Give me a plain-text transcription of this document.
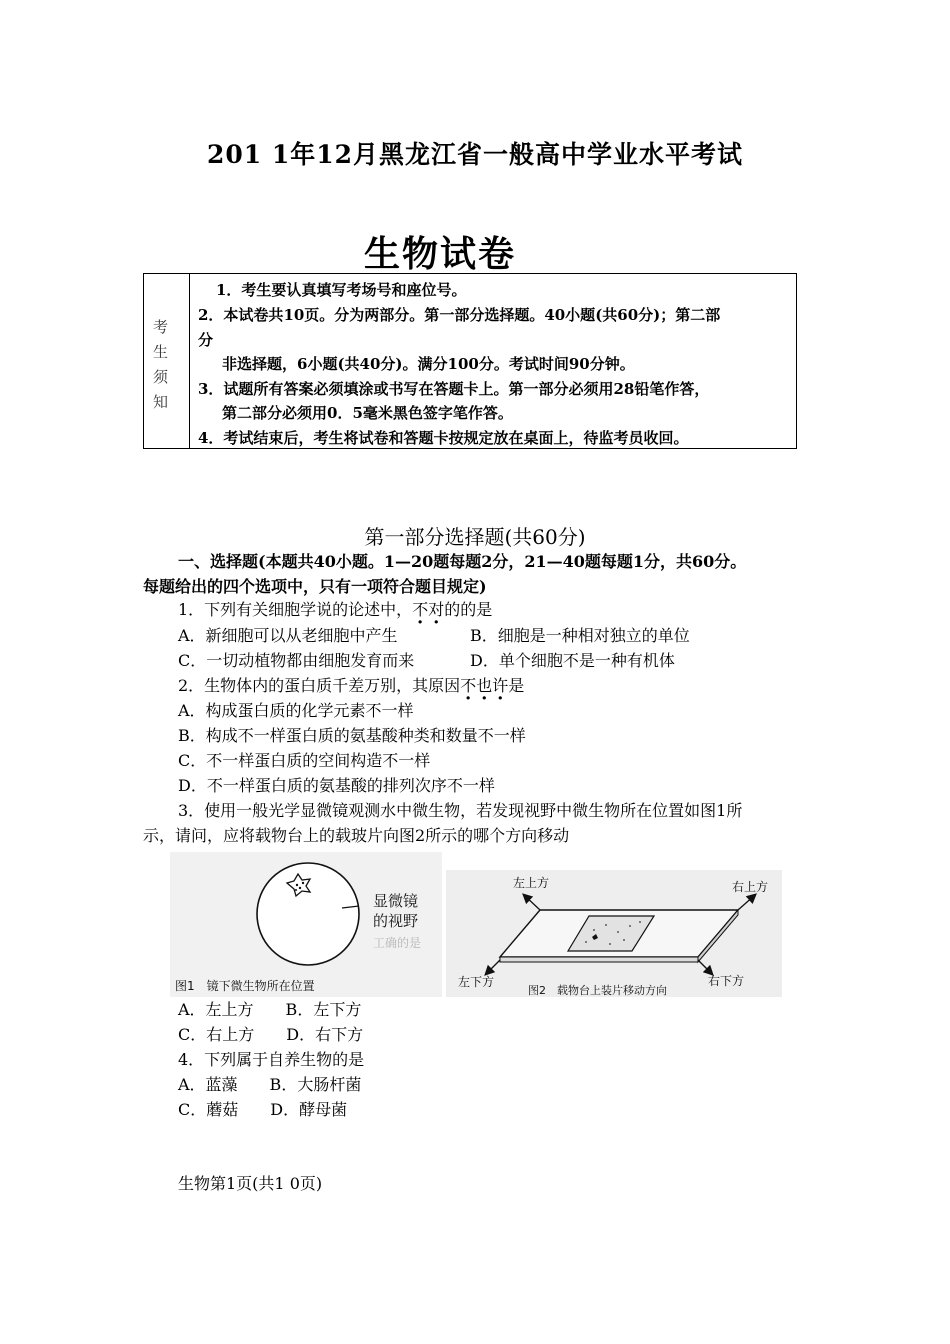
201 1年12月黑龙江省一般高中学业水平考试
生物试卷
考
生
须
知
1．考生要认真填写考场号和座位号。
2．本试卷共10页。分为两部分。第一部分选择题。40小题(共60分)；第二部
分
非选择题，6小题(共40分)。满分100分。考试时间90分钟。
3．试题所有答案必须填涂或书写在答题卡上。第一部分必须用28铅笔作答，
第二部分必须用0．5毫米黑色签字笔作答。
4．考试结束后，考生将试卷和答题卡按规定放在桌面上，待监考员收回。
第一部分选择题(共60分)
一、选择题(本题共40小题。1—20题每题2分，21—40题每题1分，共60分。
每题给出的四个选项中，只有一项符合题目规定)
1．下列有关细胞学说的论述中，不对的的是
A．新细胞可以从老细胞中产生	B．细胞是一种相对独立的单位
C．一切动植物都由细胞发育而来	D．单个细胞不是一种有机体
2．生物体内的蛋白质千差万别，其原因不也许是
A．构成蛋白质的化学元素不一样
B．构成不一样蛋白质的氨基酸种类和数量不一样
C．不一样蛋白质的空间构造不一样
D．不一样蛋白质的氨基酸的排列次序不一样
3．使用一般光学显微镜观测水中微生物，若发现视野中微生物所在位置如图1所
示，请问，应将载物台上的载玻片向图2所示的哪个方向移动
显微镜
的视野
工确的是
图1　镜下微生物所在位置
左上方	右上方
左下方	右下方
图2　载物台上装片移动方向
A．左上方　　B．左下方
C．右上方　　D．右下方
4．下列属于自养生物的是
A．蓝藻　　B．大肠杆菌
C．蘑菇　　D．酵母菌
生物第1页(共1 0页)
